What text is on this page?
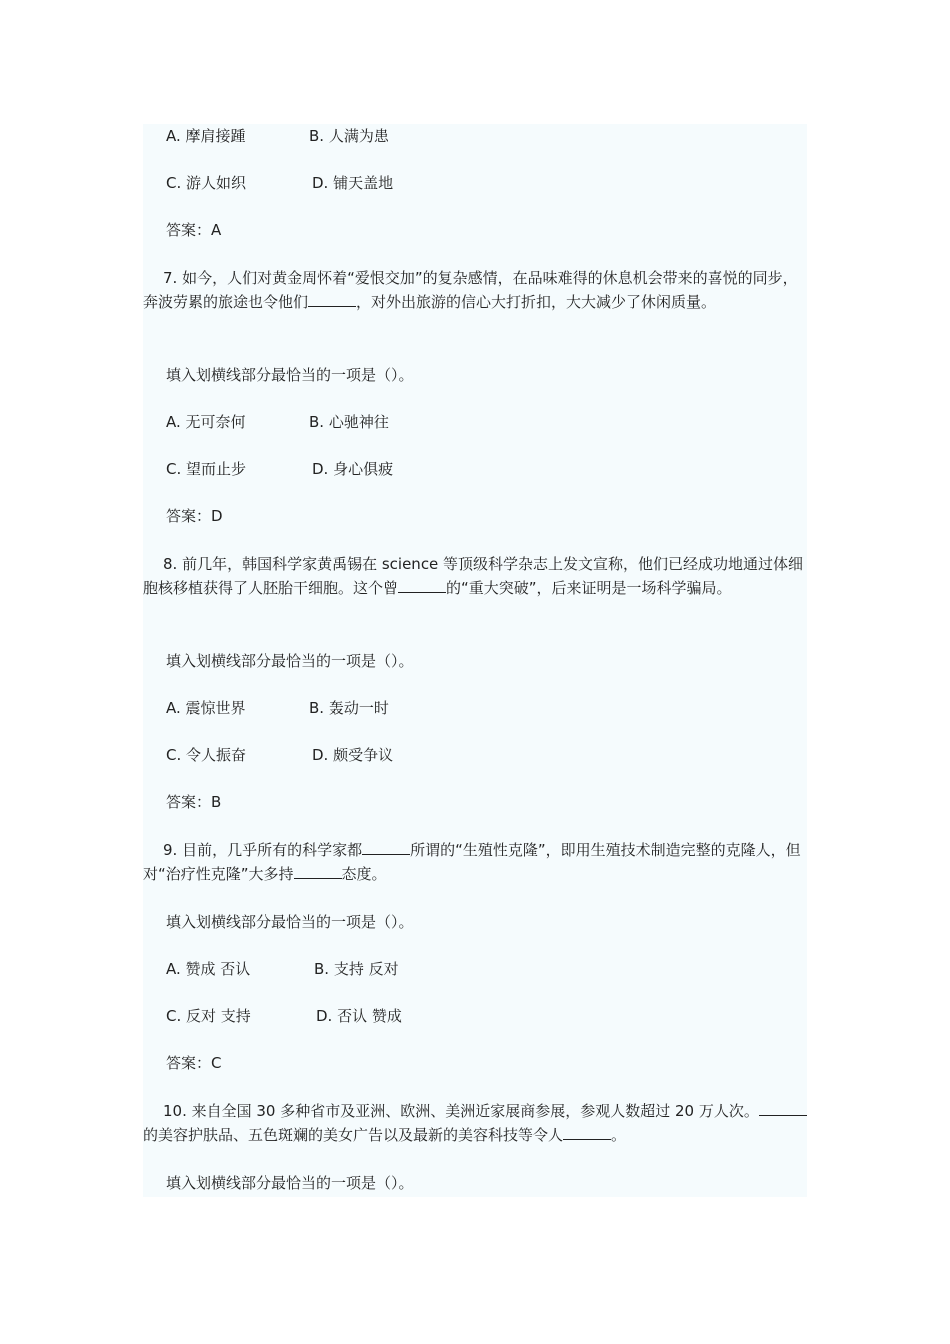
A. 摩肩接踵	B. 人满为患
C. 游人如织	D. 铺天盖地
答案：A
7. 如今，人们对黄金周怀着“爱恨交加”的复杂感情，在品味难得的休息机会带来的喜悦的同步，奔波劳累的旅途也令他们	，对外出旅游的信心大打折扣，大大减少了休闲质量。
填入划横线部分最恰当的一项是（）。
A. 无可奈何	B. 心驰神往
C. 望而止步	D. 身心俱疲
答案：D
8. 前几年，韩国科学家黄禹锡在 science 等顶级科学杂志上发文宣称，他们已经成功地通过体细胞核移植获得了人胚胎干细胞。这个曾	的“重大突破”，后来证明是一场科学骗局。
填入划横线部分最恰当的一项是（）。
A. 震惊世界	B. 轰动一时
C. 令人振奋	D. 颇受争议
答案：B
9. 目前，几乎所有的科学家都	所谓的“生殖性克隆”，即用生殖技术制造完整的克隆人，但对“治疗性克隆”大多持	态度。
填入划横线部分最恰当的一项是（）。
A. 赞成 否认	B. 支持 反对
C. 反对 支持	D. 否认 赞成
答案：C
10. 来自全国 30 多种省市及亚洲、欧洲、美洲近家展商参展，参观人数超过 20 万人次。的美容护肤品、五色斑斓的美女广告以及最新的美容科技等令人	。
填入划横线部分最恰当的一项是（）。
